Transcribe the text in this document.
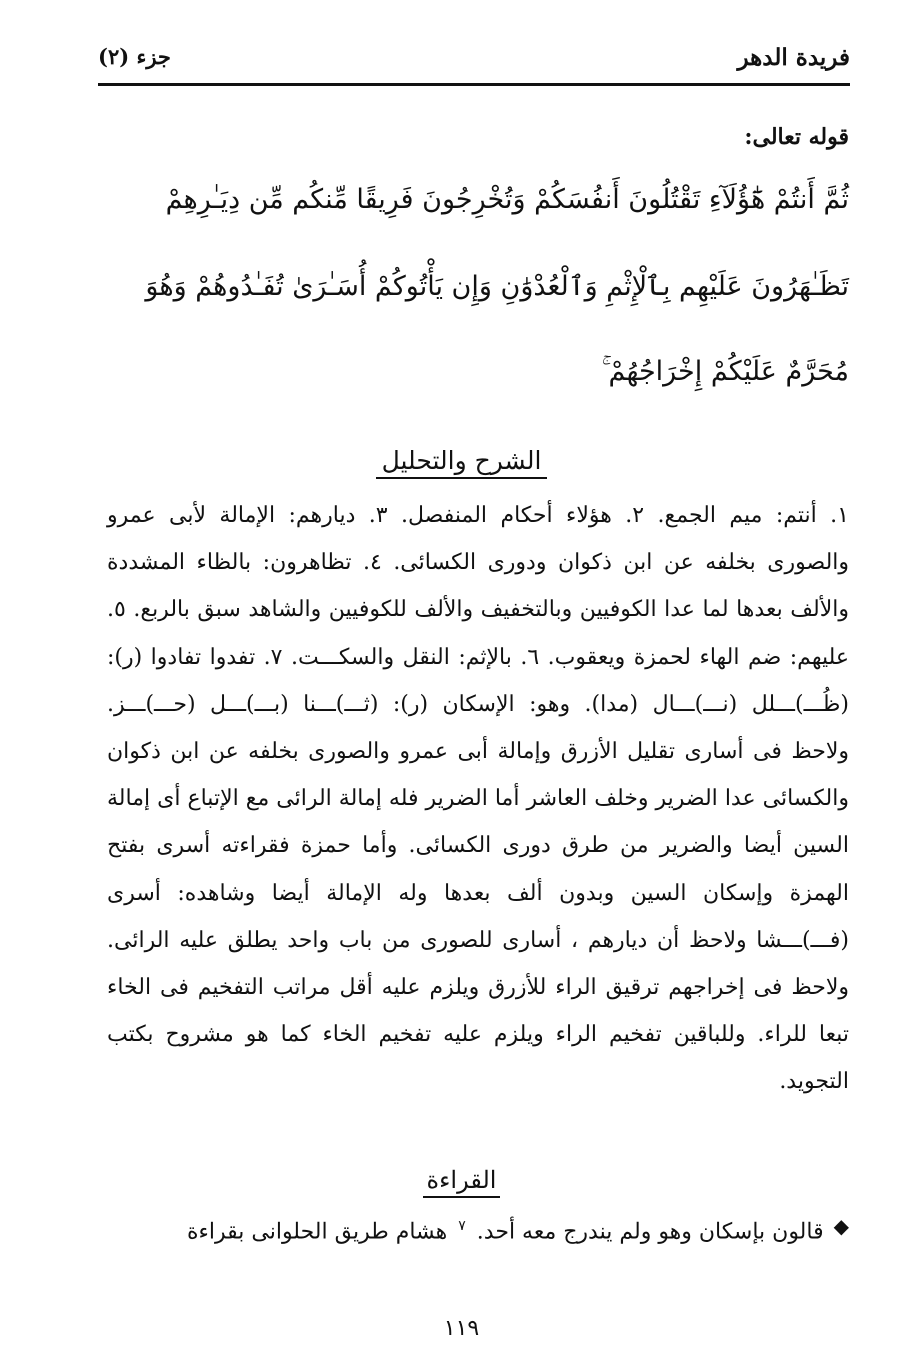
فريدة الدهر
جزء (٢)
قوله تعالى:
ثُمَّ أَنتُمْ هَٰٓؤُلَآءِ تَقْتُلُونَ أَنفُسَكُمْ وَتُخْرِجُونَ فَرِيقًا مِّنكُم مِّن دِيَـٰرِهِمْ
تَظَـٰهَرُونَ عَلَيْهِم بِٱلْإِثْمِ وَٱلْعُدْوَٰنِ وَإِن يَأْتُوكُمْ أُسَـٰرَىٰ تُفَـٰدُوهُمْ وَهُوَ
مُحَرَّمٌ عَلَيْكُمْ إِخْرَاجُهُمْ ۚ
الشرح والتحليل
١. أنتم: ميم الجمع. ٢. هؤلاء أحكام المنفصل. ٣. ديارهم: الإمالة لأبى عمرو والصورى بخلفه عن ابن ذكوان ودورى الكسائى. ٤. تظاهرون: بالظاء المشددة والألف بعدها لما عدا الكوفيين وبالتخفيف والألف للكوفيين والشاهد سبق بالربع. ٥. عليهم: ضم الهاء لحمزة ويعقوب. ٦. بالإثم: النقل والسكـــت. ٧. تفدوا تفادوا (ر): (ظُـــ)ـــلل (نـــ)ـــال (مدا). وهو: الإسكان (ر): (ثـــ)ـــنا (بـــ)ـــل (حـــ)ـــز. ولاحظ فى أسارى تقليل الأزرق وإمالة أبى عمرو والصورى بخلفه عن ابن ذكوان والكسائى عدا الضرير وخلف العاشر أما الضرير فله إمالة الرائى مع الإتباع أى إمالة السين أيضا والضرير من طرق دورى الكسائى. وأما حمزة فقراءته أسرى بفتح الهمزة وإسكان السين وبدون ألف بعدها وله الإمالة أيضا وشاهده: أسرى (فـــ)ـــشا ولاحظ أن ديارهم ، أسارى للصورى من باب واحد يطلق عليه الرائى. ولاحظ فى إخراجهم ترقيق الراء للأزرق ويلزم عليه أقل مراتب التفخيم فى الخاء تبعا للراء. وللباقين تفخيم الراء ويلزم عليه تفخيم الخاء كما هو مشروح بكتب التجويد.
القراءة
◆
قالون بإسكان وهو ولم يندرج معه أحد. $^٧$ هشام طريق الحلوانى بقراءة
١١٩
